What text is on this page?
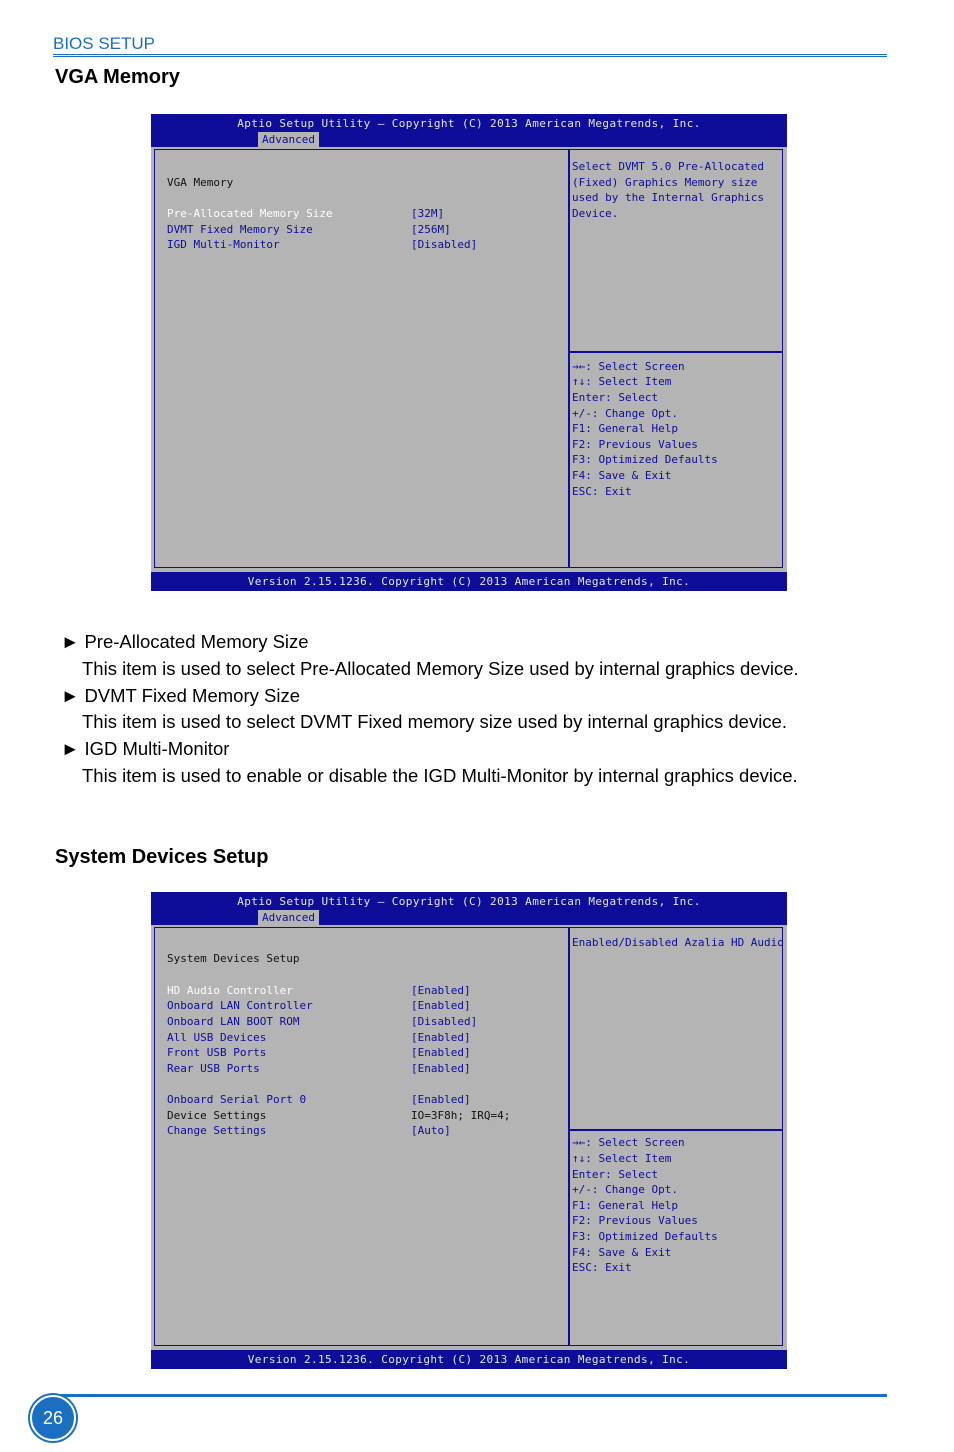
BIOS SETUP
VGA Memory
Aptio Setup Utility – Copyright (C) 2013 American Megatrends, Inc.
Advanced
VGA Memory
Pre-Allocated Memory Size	[32M]
DVMT Fixed Memory Size	[256M]
IGD Multi-Monitor	[Disabled]
Select DVMT 5.0 Pre-Allocated
(Fixed) Graphics Memory size
used by the Internal Graphics
Device.
→←: Select Screen
↑↓: Select Item
Enter: Select
+/-: Change Opt.
F1: General Help
F2: Previous Values
F3: Optimized Defaults
F4: Save & Exit
ESC: Exit
Version 2.15.1236. Copyright (C) 2013 American Megatrends, Inc.
► Pre-Allocated Memory Size
This item is used to select Pre-Allocated Memory Size used by internal graphics device.
► DVMT Fixed Memory Size
This item is used to select DVMT Fixed memory size used by internal graphics device.
► IGD Multi-Monitor
This item is used to enable or disable the IGD Multi-Monitor by internal graphics device.
System Devices Setup
Aptio Setup Utility – Copyright (C) 2013 American Megatrends, Inc.
Advanced
System Devices Setup
HD Audio Controller	[Enabled]
Onboard LAN Controller	[Enabled]
Onboard LAN BOOT ROM	[Disabled]
All USB Devices	[Enabled]
Front USB Ports	[Enabled]
Rear USB Ports	[Enabled]
Onboard Serial Port 0	[Enabled]
Device Settings	IO=3F8h; IRQ=4;
Change Settings	[Auto]
Enabled/Disabled Azalia HD Audio
→←: Select Screen
↑↓: Select Item
Enter: Select
+/-: Change Opt.
F1: General Help
F2: Previous Values
F3: Optimized Defaults
F4: Save & Exit
ESC: Exit
Version 2.15.1236. Copyright (C) 2013 American Megatrends, Inc.
26
